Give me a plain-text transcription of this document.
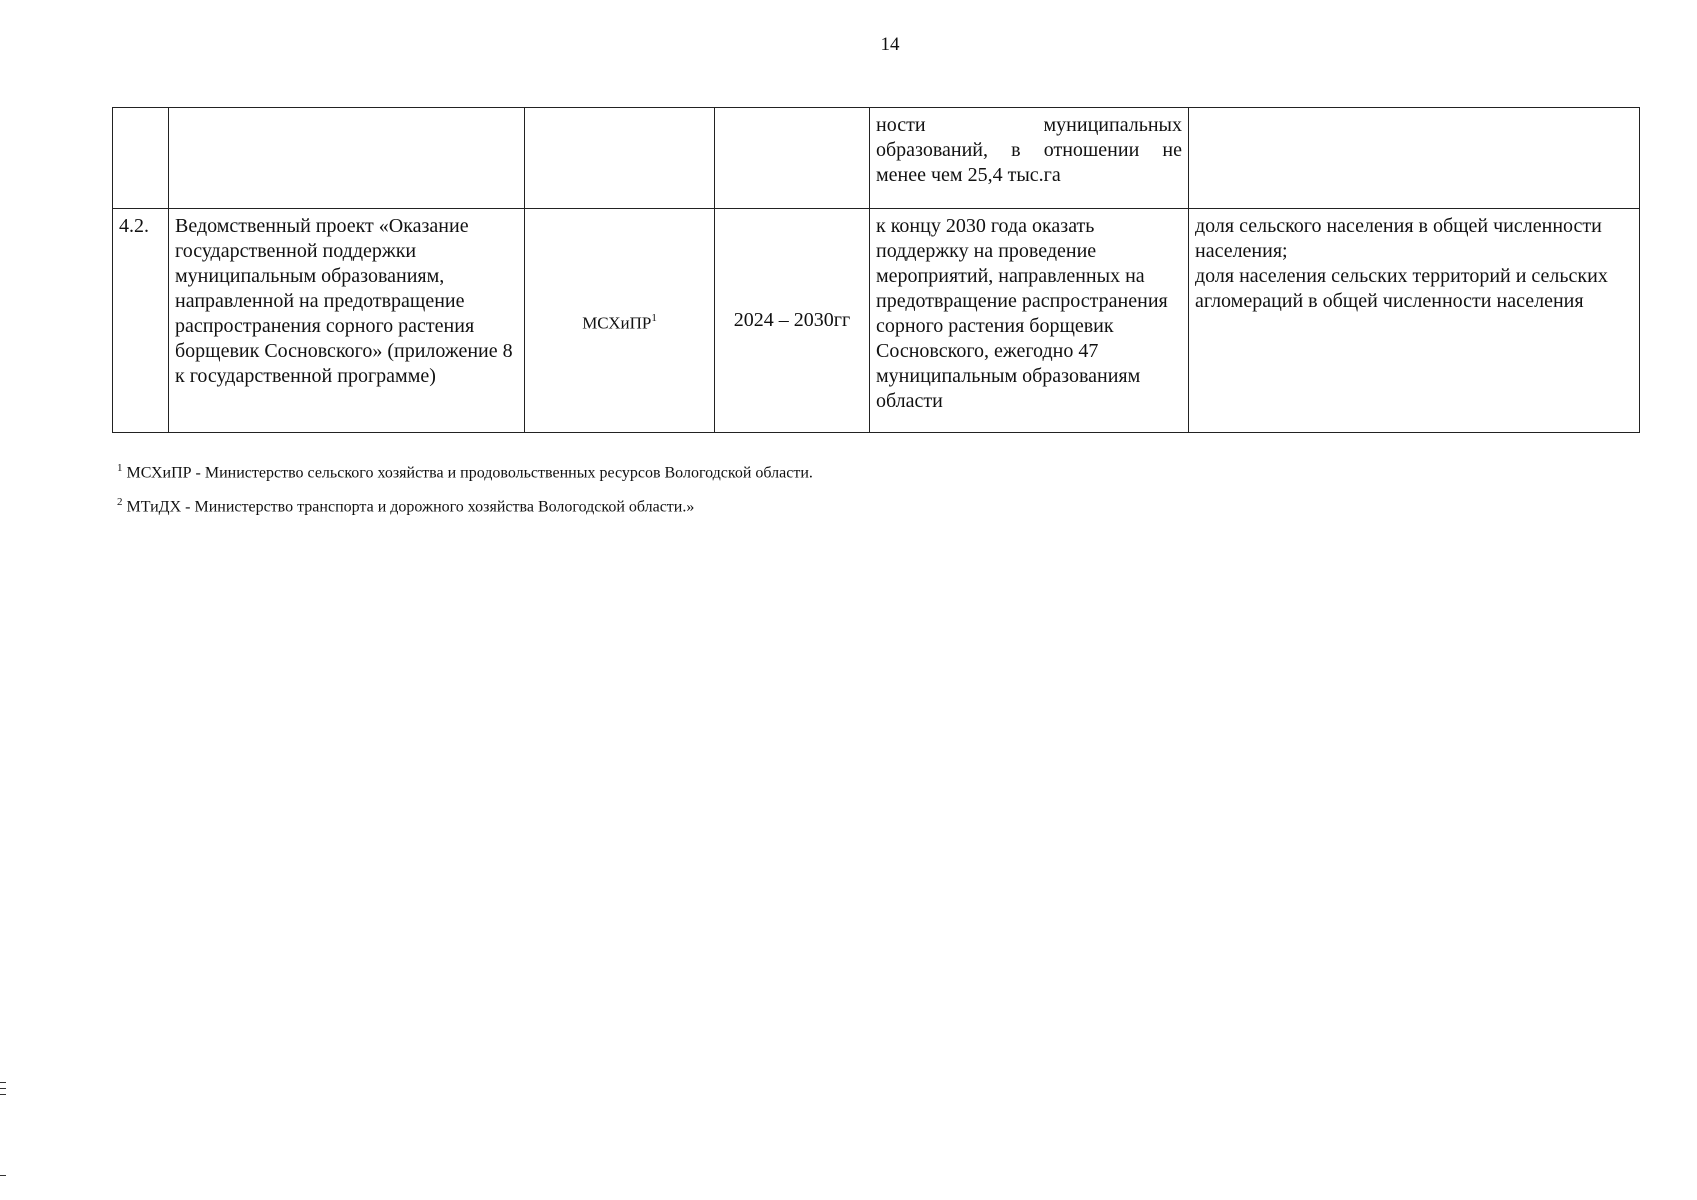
14
				ности муниципальных образований, в отношении не менее чем 25,4 тыс.га	
4.2.	Ведомственный проект «Оказание государственной поддержки муниципальным образованиям, направленной на предотвращение распространения сорного растения борщевик Сосновского» (приложение 8 к государственной программе)	МСХиПР$^1$	2024 – 2030гг	к концу 2030 года оказать поддержку на проведение мероприятий, направленных на предотвращение распространения сорного растения борщевик Сосновского, ежегодно 47 муниципальным образованиям области	доля сельского населения в общей численности населения;
доля населения сельских территорий и сельских агломераций в общей численности населения
$^1$ МСХиПР - Министерство сельского хозяйства и продовольственных ресурсов Вологодской области.
$^2$ МТиДХ - Министерство транспорта и дорожного хозяйства Вологодской области.»
